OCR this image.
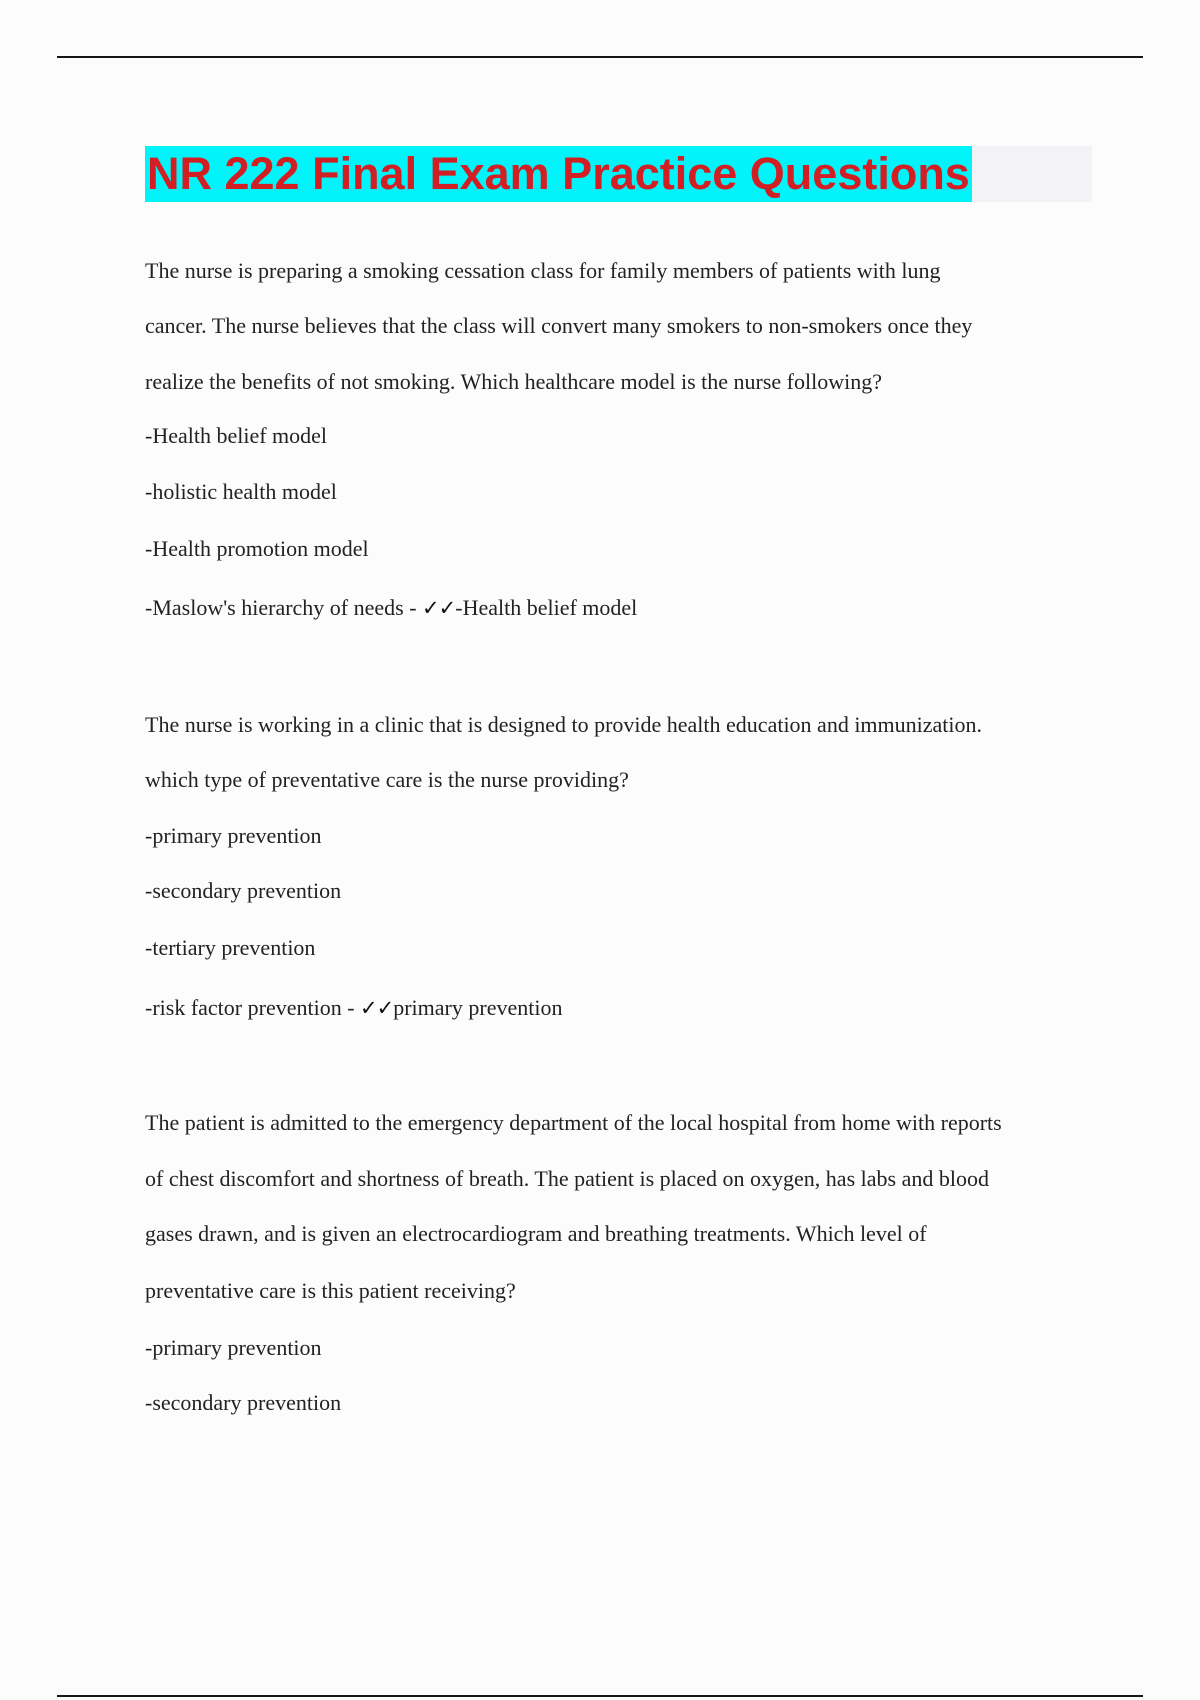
NR 222 Final Exam Practice Questions
The nurse is preparing a smoking cessation class for family members of patients with lung
cancer. The nurse believes that the class will convert many smokers to non-smokers once they
realize the benefits of not smoking. Which healthcare model is the nurse following?
-Health belief model
-holistic health model
-Health promotion model
-Maslow's hierarchy of needs - ✓✓-Health belief model
The nurse is working in a clinic that is designed to provide health education and immunization.
which type of preventative care is the nurse providing?
-primary prevention
-secondary prevention
-tertiary prevention
-risk factor prevention - ✓✓primary prevention
The patient is admitted to the emergency department of the local hospital from home with reports
of chest discomfort and shortness of breath. The patient is placed on oxygen, has labs and blood
gases drawn, and is given an electrocardiogram and breathing treatments. Which level of
preventative care is this patient receiving?
-primary prevention
-secondary prevention
